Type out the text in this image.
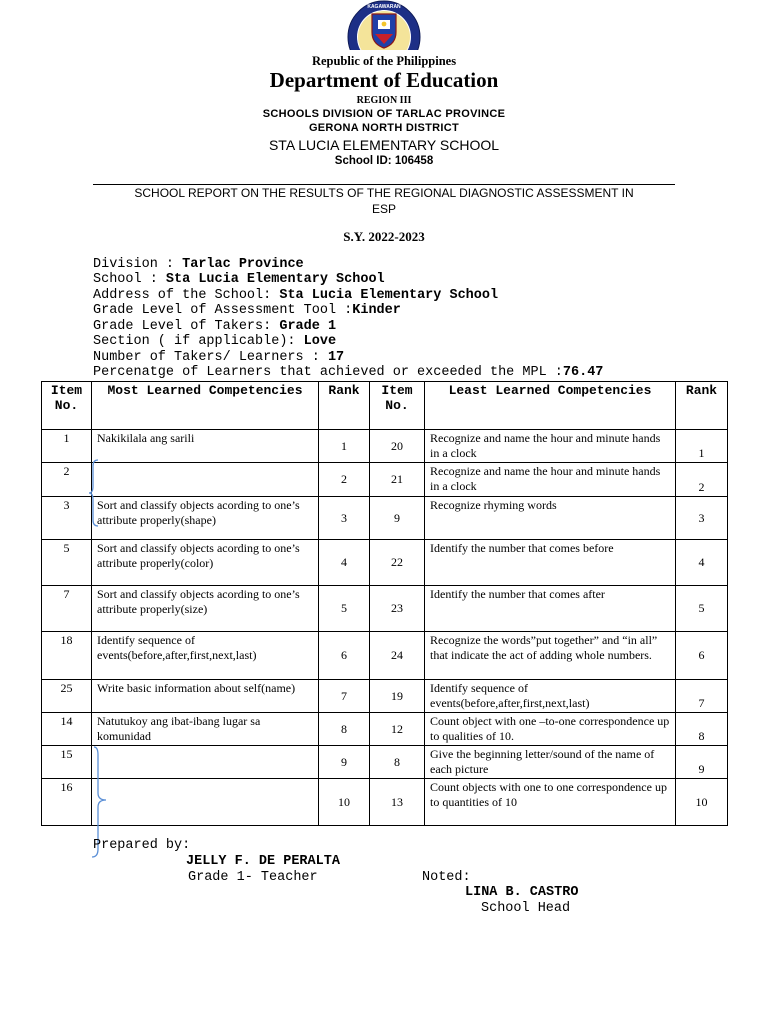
KAGAWARAN
Republic of the Philippines
Department of Education
REGION III
SCHOOLS DIVISION OF TARLAC PROVINCE
GERONA NORTH DISTRICT
STA LUCIA ELEMENTARY SCHOOL
School ID: 106458
SCHOOL REPORT ON THE RESULTS OF THE REGIONAL DIAGNOSTIC ASSESSMENT IN
ESP
S.Y. 2022-2023
Division : Tarlac Province
School : Sta Lucia Elementary School
Address of the School: Sta Lucia Elementary School
Grade Level of Assessment Tool :Kinder
Grade Level of Takers: Grade 1
Section ( if applicable): Love
Number of Takers/ Learners : 17
Percenatge of Learners that achieved or exceeded the MPL :76.47
Item No.	Most Learned Competencies	Rank	Item No.	Least Learned Competencies	Rank
1	Nakikilala ang sarili	1	20	Recognize and name the hour and minute hands in a clock	1
2		2	21	Recognize and name the hour and minute hands in a clock	2
3	Sort and classify objects acording to one’s attribute properly(shape)	3	9	Recognize rhyming words	3
5	Sort and classify objects acording to one’s attribute properly(color)	4	22	Identify the number that comes before	4
7	Sort and classify objects acording to one’s attribute properly(size)	5	23	Identify the number that comes after	5
18	Identify sequence of events(before,after,first,next,last)	6	24	Recognize the words”put together” and “in all” that indicate the act of adding whole numbers.	6
25	Write basic information about self(name)	7	19	Identify sequence of events(before,after,first,next,last)	7
14	Natutukoy ang ibat-ibang lugar sa komunidad	8	12	Count object with one –to-one correspondence up to qualities of 10.	8
15		9	8	Give the beginning letter/sound of the name of each picture	9
16		10	13	Count objects with one to one correspondence up to quantities of 10	10
Prepared by:
JELLY F. DE PERALTA
Grade 1- Teacher	Noted:
LINA B. CASTRO
School Head
